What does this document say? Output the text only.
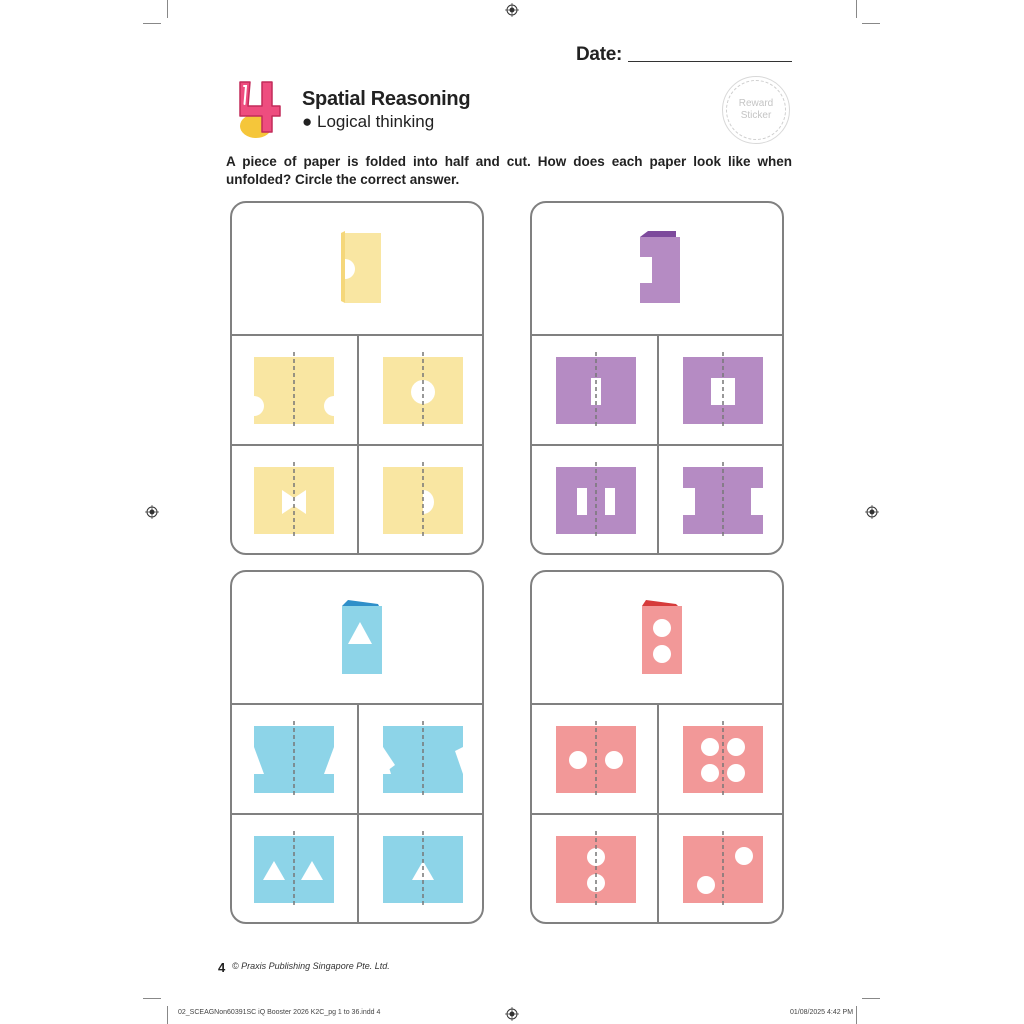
Date:
Spatial Reasoning
● Logical thinking
Reward
Sticker
A piece of paper is folded into half and cut. How does each paper look like when unfolded? Circle the correct answer.
4 © Praxis Publishing Singapore Pte. Ltd.
02_SCEAGNon60391SC iQ Booster 2026 K2C_pg 1 to 36.indd 4	01/08/2025 4:42 PM
